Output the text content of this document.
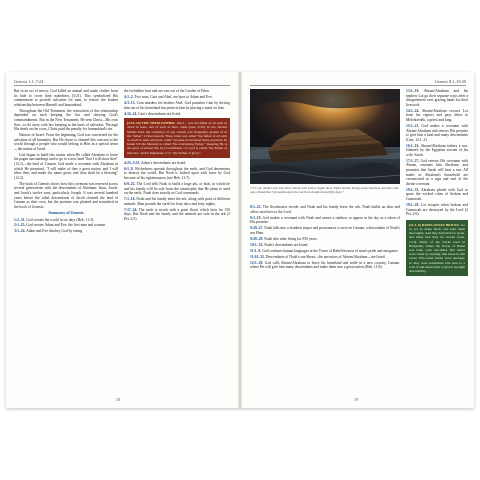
Genesis 1:1–7:24

But in an act of mercy, God killed an animal and made clothes from its hide to cover their nakedness (3:21). This symbolized His commitment to provide salvation for man, to restore the broken relationship between Himself and humankind.

Throughout the Old Testament, the restoration of this relationship depended on each keeping the law and obeying God's commandments. But in the New Testament, He sent Christ—His own Son—to do away with law keeping as the basis of salvation. Through His death on the cross, Christ paid the penalty for humankind's sin.

Nations of Israel: From the beginning, God was concerned for the salvation of all humanity. But He chose to channel this concern to the world through a people who would belong to Him in a special sense—the nation of Israel.

God began to build this nation when He called Abraham to leave his pagan surroundings and to go to a new land "that I will show thee" (12:1)—the land of Canaan. God made a covenant with Abraham in which He promised, "I will make of thee a great nation, and I will bless thee, and make thy name great; and thou shalt be a blessing" (12:2).

The book of Genesis shows how this covenant was renewed across several generations with the descendants of Abraham: Isaac, Jacob, and Jacob's twelve sons, particularly Joseph. It was several hundred years before the tribal descendants of Jacob claimed the land of Canaan as their own, but the promise was planted and nourished in the book of Genesis.

Summary of Genesis

1:1–31. God creates the world in six days (Heb. 11:3).

2:1–25. God creates Adam and Eve, the first man and woman.

3:1–24. Adam and Eve disobey God by eating

the forbidden fruit and are cast out of the Garden of Eden.

4:1–2. Two sons, Cain and Abel, are born to Adam and Eve.

4:3–15. Cain murders his brother Abel. God punishes Cain by driving him out of his homeland but protects him by placing a mark on him.

4:16–24. Cain's descendants are listed.

[4:16–24] THE TERM FATHER. Jabal… was the father of all such as dwell in tents, and of such as have cattle (Gen. 4:20). In the ancient Middle East, the originator of any custom was frequently spoken of as the "father" of that custom. Thus, Jabal was called "the father of all such as dwell in tents and have cattle" because he invented these practices. In Isaiah 9:6 the Messiah is called "the everlasting Father," meaning He is the giver of eternal life. In 2 Corinthians 1:3, God is called "the Father of mercies," and in Ephesians 1:17, "the Father of glory."

4:25–5:32. Adam's descendants are listed.

6:1–8. Wickedness spreads throughout the earth, and God determines to destroy the world. But Noah is looked upon with favor by God because of his righteousness (see Heb. 11:7).

6:9–22. The Lord tells Noah to build a huge ark, or boat, in which he and his family will be safe from the catastrophe that He plans to send on the earth. Noah does exactly as God commands.

7:1–16. Noah and his family enter the ark, along with pairs of different animals. Rain pounds the earth for forty days and forty nights.

7:17–24. The earth is struck with a great flood, which lasts for 150 days. But Noah and his family and the animals are safe in the ark (2 Pet. 2:5).

18
Genesis 8:1–19:29
7:17–24. Noah's ark was three stories tall with a single door. Eight human beings and countless animals rode out a flood that "prevailed upon the earth an hundred and fifty days."

8:1–22. The floodwaters recede, and Noah and his family leave the ark. Noah builds an altar and offers sacrifices to the Lord.

9:1–19. God makes a covenant with Noah and causes a rainbow to appear in the sky as a token of His promise.

9:20–27. Noah falls into a drunken stupor and pronounces a curse on Canaan, a descendant of Noah's son Ham.

9:28–29. Noah dies after living for 950 years.

10:1–32. Noah's descendants are listed.

11:1–9. God confuses human languages at the Tower of Babel because of man's pride and arrogance.

11:10–32. Descendants of Noah's son Shem—the ancestors of Abram/Abraham—are listed.

12:1–20. God calls Abram/Abraham to leave his homeland and settle in a new country, Canaan, where He will give him many descendants and make them into a great nation (Heb. 11:8).

13:1–18. Abram/Abraham and his nephew Lot go their separate ways after a disagreement over grazing lands for their livestock.

14:1–24. Abram/Abraham rescues Lot from his captors and pays tithes to Melchizedek, a priest and king.

15:1–21. God makes a covenant with Abram/Abraham and renews His promise to give him a land and many descendants (Gen. 12:1–2).

16:1–16. Abram/Abraham fathers a son, Ishmael, by the Egyptian servant of his wife, Sarah.

17:1–27. God renews His covenant with Abram, renames him Abraham, and promises that Sarah will bear a son. All males in Abraham's household are circumcised as a sign and seal of the divine covenant.

19:1–33. Abraham pleads with God to spare the wicked cities of Sodom and Gomorrah.

19:1–29. Lot escapes when Sodom and Gomorrah are destroyed by the Lord (2 Pet. 2:6).

[11:1–9] BABYLONIAN BRICKS. Go to, let us make brick, and burn them thoroughly. And they had brick for stone, and slime had they for morter (Gen. 11:3). Many of the bricks used in Babylonia, where the Tower of Babel was built, were sun-dried. But others were cured by burning, like those in this tower. Fire-cured bricks were stronger, so they were sometimes laid next to a wall of sun-dried brick to give it strength and stability.
19
